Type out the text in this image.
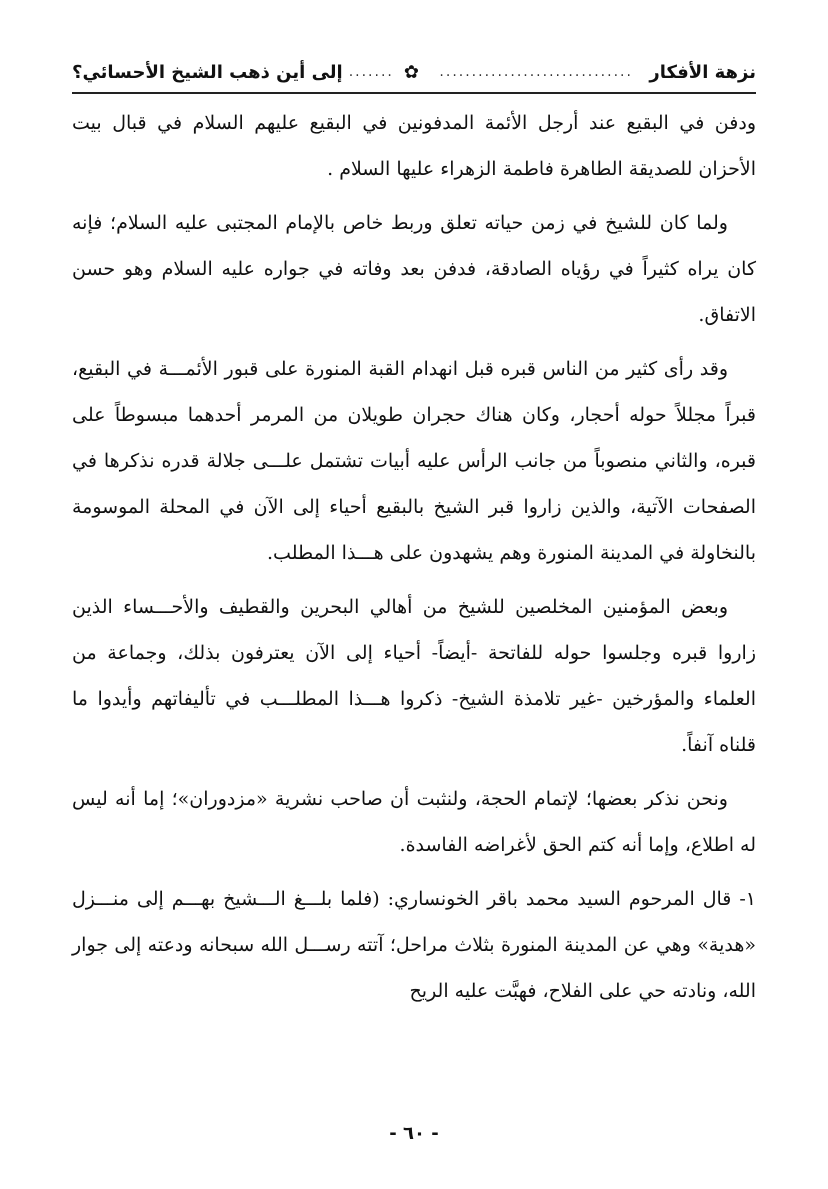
نزهة الأفكار
..............................
✿
.......
إلى أين ذهب الشيخ الأحسائي؟

ودفن في البقيع عند أرجل الأئمة المدفونين في البقيع عليهم السلام في قبال بيت الأحزان للصديقة الطاهرة فاطمة الزهراء عليها السلام .

ولما كان للشيخ في زمن حياته تعلق وربط خاص بالإمام المجتبى عليه السلام؛ فإنه كان يراه كثيراً في رؤياه الصادقة، فدفن بعد وفاته في جواره عليه السلام وهو حسن الاتفاق.

وقد رأى كثير من الناس قبره قبل انهدام القبة المنورة على قبور الأئمـــة في البقيع، قبراً مجللاً حوله أحجار، وكان هناك حجران طويلان من المرمر أحدهما مبسوطاً على قبره، والثاني منصوباً من جانب الرأس عليه أبيات تشتمل علـــى جلالة قدره نذكرها في الصفحات الآتية، والذين زاروا قبر الشيخ بالبقيع أحياء إلى الآن في المحلة الموسومة بالنخاولة في المدينة المنورة وهم يشهدون على هـــذا المطلب.

وبعض المؤمنين المخلصين للشيخ من أهالي البحرين والقطيف والأحـــساء الذين زاروا قبره وجلسوا حوله للفاتحة -أيضاً- أحياء إلى الآن يعترفون بذلك، وجماعة من العلماء والمؤرخين -غير تلامذة الشيخ- ذكروا هـــذا المطلـــب في تأليفاتهم وأيدوا ما قلناه آنفاً.

ونحن نذكر بعضها؛ لإتمام الحجة، ولنثبت أن صاحب نشرية «مزدوران»؛ إما أنه ليس له اطلاع، وإما أنه كتم الحق لأغراضه الفاسدة.

١- قال المرحوم السيد محمد باقر الخونساري: (فلما بلـــغ الـــشيخ بهـــم إلى منـــزل «هدية» وهي عن المدينة المنورة بثلاث مراحل؛ آتته رســـل الله سبحانه ودعته إلى جوار الله، ونادته حي على الفلاح، فهبَّت عليه الريح

- ٦٠ -
